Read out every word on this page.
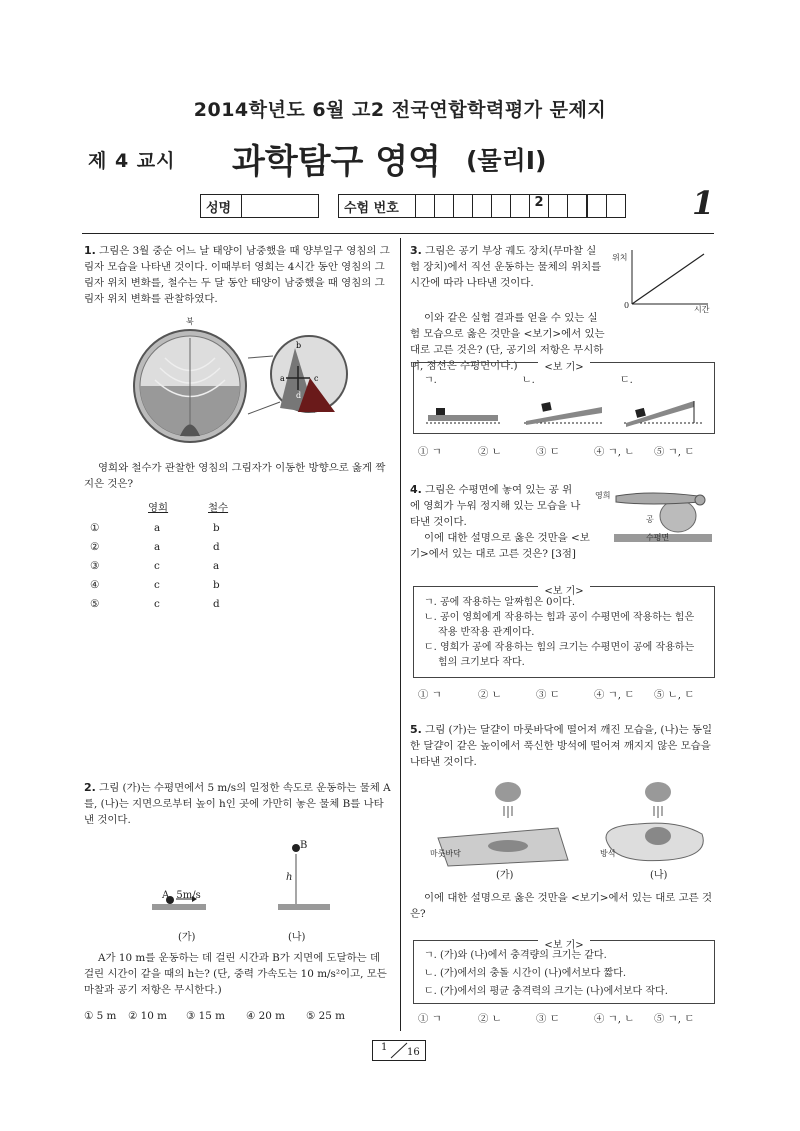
2014학년도 6월 고2 전국연합학력평가 문제지
제 4 교시 과학탐구 영역 (물리Ⅰ)
1
성명	수험 번호	2
1. 그림은 3월 중순 어느 날 태양이 남중했을 때 양부일구 영침의 그림자 모습을 나타낸 것이다. 이때부터 영희는 4시간 동안 영침의 그림자 위치 변화를, 철수는 두 달 동안 태양이 남중했을 때 영침의 그림자 위치 변화를 관찰하였다.
b
a	c
d
북
영희와 철수가 관찰한 영침의 그림자가 이동한 방향으로 옳게 짝지은 것은?
영희	철수
①	a	b
②	a	d
③	c	a
④	c	b
⑤	c	d
2. 그림 (가)는 수평면에서 5 m/s의 일정한 속도로 운동하는 물체 A를, (나)는 지면으로부터 높이 h인 곳에 가만히 놓은 물체 B를 나타낸 것이다.
A 5m/s
B
h
(가)	(나)
A가 10 m를 운동하는 데 걸린 시간과 B가 지면에 도달하는 데 걸린 시간이 같을 때의 h는? (단, 중력 가속도는 10 m/s²이고, 모든 마찰과 공기 저항은 무시한다.)
① 5 m	② 10 m	③ 15 m	④ 20 m	⑤ 25 m
3. 그림은 공기 부상 궤도 장치(무마찰 실험 장치)에서 직선 운동하는 물체의 위치를 시간에 따라 나타낸 것이다.
위치
0	시간
이와 같은 실험 결과를 얻을 수 있는 실험 모습으로 옳은 것만을 <보기>에서 있는 대로 고른 것은? (단, 공기의 저항은 무시하며, 점선은 수평면이다.)	<보 기>
ㄱ.	ㄴ.	ㄷ.
① ㄱ	② ㄴ	③ ㄷ	④ ㄱ, ㄴ	⑤ ㄱ, ㄷ
4. 그림은 수평면에 놓여 있는 공 위에 영희가 누워 정지해 있는 모습을 나타낸 것이다.
영희
공
수평면
이에 대한 설명으로 옳은 것만을 <보기>에서 있는 대로 고른 것은? [3점]
<보 기>
ㄱ. 공에 작용하는 알짜힘은 0이다.
ㄴ. 공이 영희에게 작용하는 힘과 공이 수평면에 작용하는 힘은 작용 반작용 관계이다.
ㄷ. 영희가 공에 작용하는 힘의 크기는 수평면이 공에 작용하는 힘의 크기보다 작다.
① ㄱ	② ㄴ	③ ㄷ	④ ㄱ, ㄷ	⑤ ㄴ, ㄷ
5. 그림 (가)는 달걀이 마룻바닥에 떨어져 깨진 모습을, (나)는 동일한 달걀이 같은 높이에서 푹신한 방석에 떨어져 깨지지 않은 모습을 나타낸 것이다.
마룻바닥	방석
(가)	(나)
이에 대한 설명으로 옳은 것만을 <보기>에서 있는 대로 고른 것은?
<보 기>
ㄱ. (가)와 (나)에서 충격량의 크기는 같다.
ㄴ. (가)에서의 충돌 시간이 (나)에서보다 짧다.
ㄷ. (가)에서의 평균 충격력의 크기는 (나)에서보다 작다.
① ㄱ	② ㄴ	③ ㄷ	④ ㄱ, ㄴ	⑤ ㄱ, ㄷ
1 16
